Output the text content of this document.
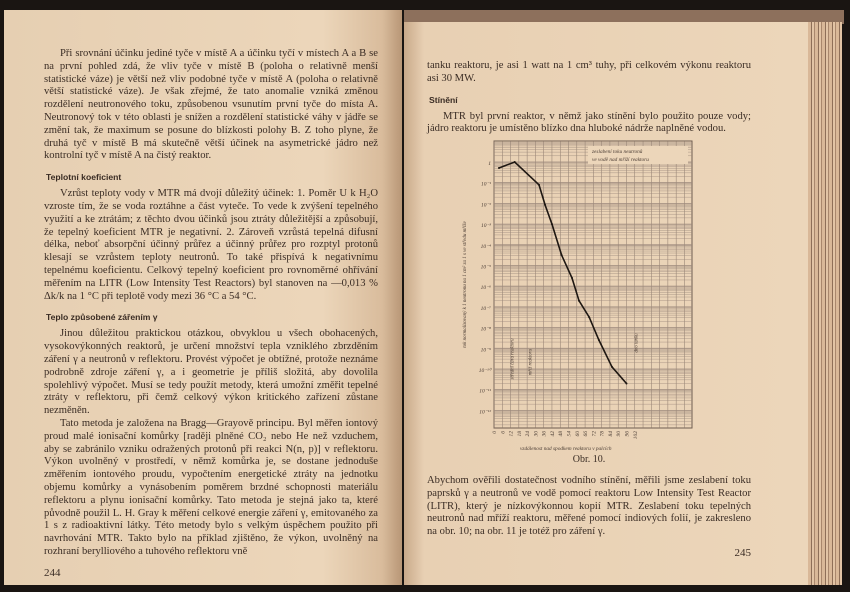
Při srovnání účinku jediné tyče v místě A a účinku tyčí v místech A a B se na první pohled zdá, že vliv tyče v místě B (poloha o relativně menší statistické váze) je větší než vliv podobné tyče v místě A (poloha o relativně větší statistické váze). Je však zřejmé, že tato anomalie vzniká změnou rozdělení neutronového toku, způsobenou vsunutím první tyče do místa A. Neutronový tok v této oblasti je snížen a rozdělení statistické váhy v jádře se změní tak, že maximum se posune do blízkosti polohy B. Z toho plyne, že druhá tyč v místě B má skutečně větší účinek na asymetrické jádro než kontrolní tyč v místě A na čistý reaktor.

Teplotní koeficient

Vzrůst teploty vody v MTR má dvojí důležitý účinek: 1. Poměr U k H₂O vzroste tím, že se voda roztáhne a část vyteče. To vede k zvýšení tepelného využití a ke ztrátám; z těchto dvou účinků jsou ztráty důležitější a způsobují, že tepelný koeficient MTR je negativní. 2. Zároveň vzrůstá tepelná difusní délka, neboť absorpční účinný průřez a účinný průřez pro rozptyl protonů klesají se vzrůstem teploty neutronů. To také přispívá k negativnímu tepelnému koeficientu. Celkový tepelný koeficient pro rovnoměrné ohřívání měřením na LITR (Low Intensity Test Reactors) byl stanoven na —0,013 % Δk/k na 1 °C při teplotě vody mezi 36 °C a 54 °C.

Teplo způsobené zářením γ

Jinou důležitou praktickou otázkou, obvyklou u všech obohacených, vysokovýkonných reaktorů, je určení množství tepla vzniklého zbrzděním záření γ a neutronů v reflektoru. Provést výpočet je obtížné, protože neznáme podrobně zdroje záření γ, a i geometrie je příliš složitá, aby dovolila spolehlivý výpočet. Musí se tedy použít metody, která umožní změřit tepelné ztráty v reflektoru, při čemž celkový výkon kritického zařízení zůstane nezměněn.

Tato metoda je založena na Bragg—Grayově principu. Byl měřen iontový proud malé ionisační komůrky [raději plněné CO₂ nebo He než vzduchem, aby se zabránilo vzniku odražených protonů při reakci N(n, p)] v reflektoru. Výkon uvolněný v prostředí, v němž komůrka je, se dostane jednoduše změřením iontového proudu, vypočtením energetické ztráty na jednotku objemu komůrky a vynásobením poměrem brzdné schopnosti materiálu reflektoru a plynu ionisační komůrky. Tato metoda je stejná jako ta, které původně použil L. H. Gray k měření celkové energie záření γ, emitovaného za 1 s z radioaktivní látky. Této metody bylo s velkým úspěchem použito při navrhování MTR. Takto bylo na příklad zjištěno, že výkon, uvolněný na rozhraní berylliového a tuhového reflektoru vně

244

tanku reaktoru, je asi 1 watt na 1 cm³ tuhy, při celkovém výkonu reaktoru asi 30 MW.

Stínění

MTR byl první reaktor, v němž jako stínění bylo použito pouze vody; jádro reaktoru je umístěno blízko dna hluboké nádrže naplněné vodou.

1
10⁻¹
10⁻²
10⁻³
10⁻⁴
10⁻⁵
10⁻⁶
10⁻⁷
10⁻⁸
10⁻⁹
10⁻¹⁰
10⁻¹¹
10⁻¹²
0 6 12 18 24 30 36 42 48 54 60 66 72 78 84 90 96 102
vzdálenost nad spodkem reaktoru v palcích
tok normalizovaný k 1 neutronu na 1 cm² za 1 s ve středu mříže
zeslabení toku neutronů
ve vodě nad mříží reaktoru
střední čára reaktoru	mříž reaktoru
dno tanku
Obr. 10.

Abychom ověřili dostatečnost vodního stínění, měřili jsme zeslabení toku paprsků γ a neutronů ve vodě pomocí reaktoru Low Intensity Test Reactor (LITR), který je nízkovýkonnou kopií MTR. Zeslabení toku tepelných neutronů nad mříží reaktoru, měřené pomocí indiových folií, je zakresleno na obr. 10; na obr. 11 je totéž pro záření γ.

245
